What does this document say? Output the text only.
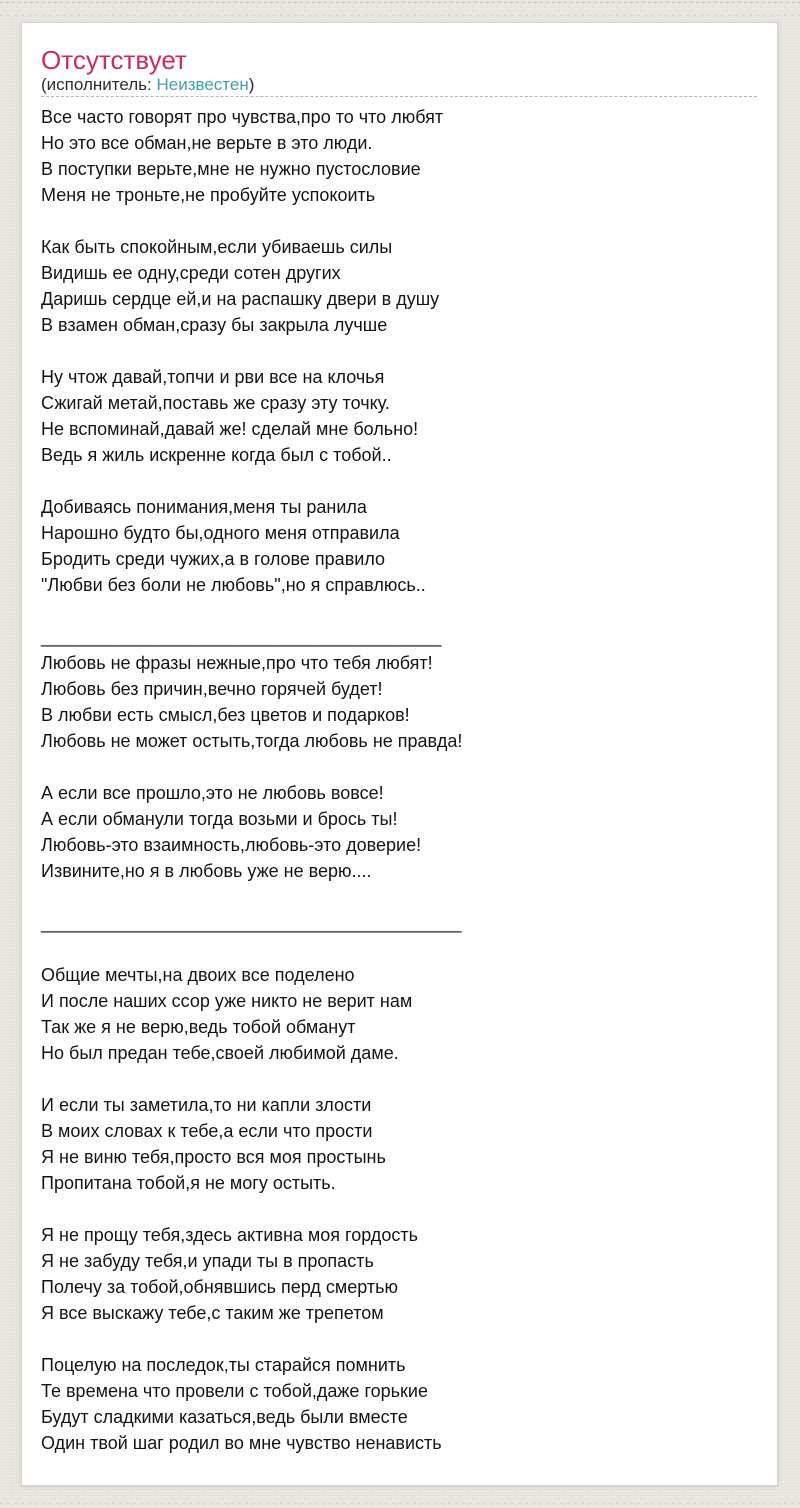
Отсутствует
(исполнитель: Неизвестен)
Все часто говорят про чувства,про то что любят
Но это все обман,не верьте в это люди.
В поступки верьте,мне не нужно пустословие
Меня не троньте,не пробуйте успокоить
Как быть спокойным,если убиваешь силы
Видишь ее одну,среди сотен других
Даришь сердце ей,и на распашку двери в душу
В взамен обман,сразу бы закрыла лучше
Ну чтож давай,топчи и рви все на клочья
Сжигай метай,поставь же сразу эту точку.
Не вспоминай,давай же! сделай мне больно!
Ведь я жиль искренне когда был с тобой..
Добиваясь понимания,меня ты ранила
Нарошно будто бы,одного меня отправила
Бродить среди чужих,а в голове правило
"Любви без боли не любовь",но я справлюсь..
________________________________________
Любовь не фразы нежные,про что тебя любят!
Любовь без причин,вечно горячей будет!
В любви есть смысл,без цветов и подарков!
Любовь не может остыть,тогда любовь не правда!
А если все прошло,это не любовь вовсе!
А если обманули тогда возьми и брось ты!
Любовь-это взаимность,любовь-это доверие!
Извините,но я в любовь уже не верю....
__________________________________________
Общие мечты,на двоих все поделено
И после наших ссор уже никто не верит нам
Так же я не верю,ведь тобой обманут
Но был предан тебе,своей любимой даме.
И если ты заметила,то ни капли злости
В моих словах к тебе,а если что прости
Я не виню тебя,просто вся моя простынь
Пропитана тобой,я не могу остыть.
Я не прощу тебя,здесь активна моя гордость
Я не забуду тебя,и упади ты в пропасть
Полечу за тобой,обнявшись перд смертью
Я все выскажу тебе,с таким же трепетом
Поцелую на последок,ты старайся помнить
Те времена что провели с тобой,даже горькие
Будут сладкими казаться,ведь были вместе
Один твой шаг родил во мне чувство ненависть
